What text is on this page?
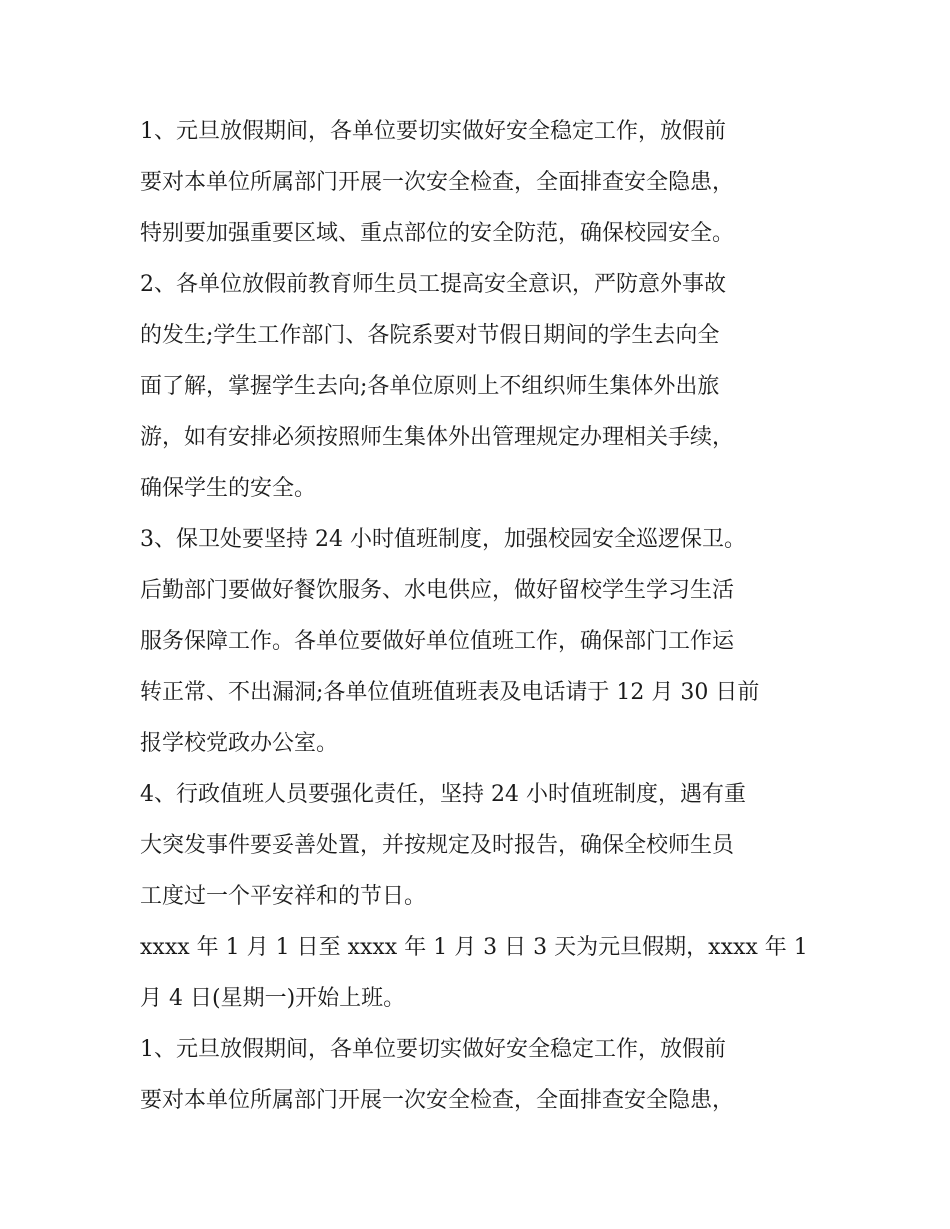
1、元旦放假期间，各单位要切实做好安全稳定工作，放假前
要对本单位所属部门开展一次安全检查，全面排查安全隐患，
特别要加强重要区域、重点部位的安全防范，确保校园安全。
2、各单位放假前教育师生员工提高安全意识，严防意外事故
的发生;学生工作部门、各院系要对节假日期间的学生去向全
面了解，掌握学生去向;各单位原则上不组织师生集体外出旅
游，如有安排必须按照师生集体外出管理规定办理相关手续，
确保学生的安全。
3、保卫处要坚持 24 小时值班制度，加强校园安全巡逻保卫。
后勤部门要做好餐饮服务、水电供应，做好留校学生学习生活
服务保障工作。各单位要做好单位值班工作，确保部门工作运
转正常、不出漏洞;各单位值班值班表及电话请于 12 月 30 日前
报学校党政办公室。
4、行政值班人员要强化责任，坚持 24 小时值班制度，遇有重
大突发事件要妥善处置，并按规定及时报告，确保全校师生员
工度过一个平安祥和的节日。
xxxx 年 1 月 1 日至 xxxx 年 1 月 3 日 3 天为元旦假期，xxxx 年 1
月 4 日(星期一)开始上班。
1、元旦放假期间，各单位要切实做好安全稳定工作，放假前
要对本单位所属部门开展一次安全检查，全面排查安全隐患，
